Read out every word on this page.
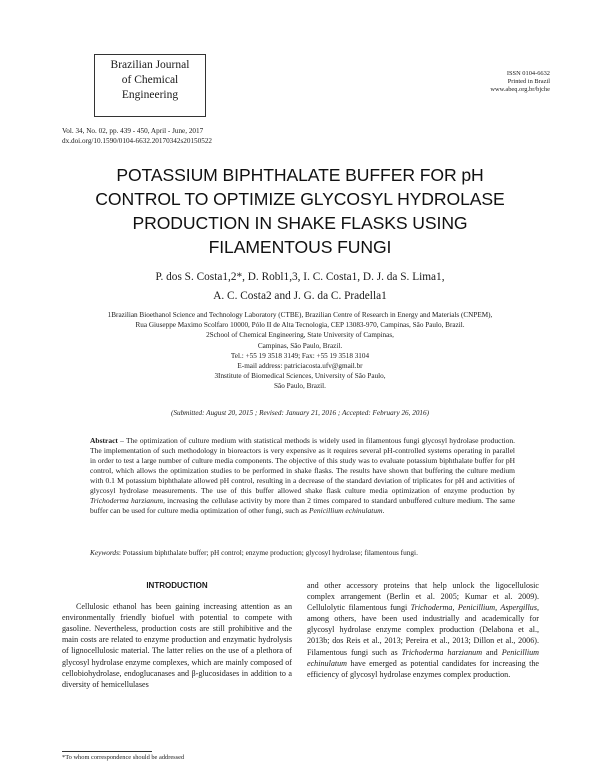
Brazilian Journal
of Chemical
Engineering
ISSN 0104-6632
Printed in Brazil
www.abeq.org.br/bjche
Vol. 34, No. 02, pp. 439 - 450, April - June, 2017
dx.doi.org/10.1590/0104-6632.20170342s20150522
POTASSIUM BIPHTHALATE BUFFER FOR pH
CONTROL TO OPTIMIZE GLYCOSYL HYDROLASE
PRODUCTION IN SHAKE FLASKS USING
FILAMENTOUS FUNGI
P. dos S. Costa1,2*, D. Robl1,3, I. C. Costa1, D. J. da S. Lima1,
A. C. Costa2 and J. G. da C. Pradella1
1Brazilian Bioethanol Science and Technology Laboratory (CTBE), Brazilian Centre of Research in Energy and Materials (CNPEM),
Rua Giuseppe Maximo Scolfaro 10000, Pólo II de Alta Tecnologia, CEP 13083-970, Campinas, São Paulo, Brazil.
2School of Chemical Engineering, State University of Campinas,
Campinas, São Paulo, Brazil.
Tel.: +55 19 3518 3149; Fax: +55 19 3518 3104
E-mail address: patriciacosta.ufv@gmail.br
3Institute of Biomedical Sciences, University of São Paulo,
São Paulo, Brazil.
(Submitted: August 20, 2015 ; Revised: January 21, 2016 ; Accepted: February 26, 2016)
Abstract – The optimization of culture medium with statistical methods is widely used in filamentous fungi glycosyl hydrolase production. The implementation of such methodology in bioreactors is very expensive as it requires several pH-controlled systems operating in parallel in order to test a large number of culture media components. The objective of this study was to evaluate potassium biphthalate buffer for pH control, which allows the optimization studies to be performed in shake flasks. The results have shown that buffering the culture medium with 0.1 M potassium biphthalate allowed pH control, resulting in a decrease of the standard deviation of triplicates for pH and activities of glycosyl hydrolase measurements. The use of this buffer allowed shake flask culture media optimization of enzyme production by Trichoderma harzianum, increasing the cellulase activity by more than 2 times compared to standard unbuffered culture medium. The same buffer can be used for culture media optimization of other fungi, such as Penicillium echinulatum.
Keywords: Potassium biphthalate buffer; pH control; enzyme production; glycosyl hydrolase; filamentous fungi.
INTRODUCTION

Cellulosic ethanol has been gaining increasing attention as an environmentally friendly biofuel with potential to compete with gasoline. Nevertheless, production costs are still prohibitive and the main costs are related to enzyme production and enzymatic hydrolysis of lignocellulosic material. The latter relies on the use of a plethora of glycosyl hydrolase enzyme complexes, which are mainly composed of cellobiohydrolase, endoglucanases and β-glucosidases in addition to a diversity of hemicellulases

and other accessory proteins that help unlock the ligocellulosic complex arrangement (Berlin et al. 2005; Kumar et al. 2009). Cellulolytic filamentous fungi Trichoderma, Penicillium, Aspergillus, among others, have been used industrially and academically for glycosyl hydrolase enzyme complex production (Delabona et al., 2013b; dos Reis et al., 2013; Pereira et al., 2013; Dillon et al., 2006). Filamentous fungi such as Trichoderma harzianum and Penicillium echinulatum have emerged as potential candidates for increasing the efficiency of glycosyl hydrolase enzymes complex production.

*To whom correspondence should be addressed
